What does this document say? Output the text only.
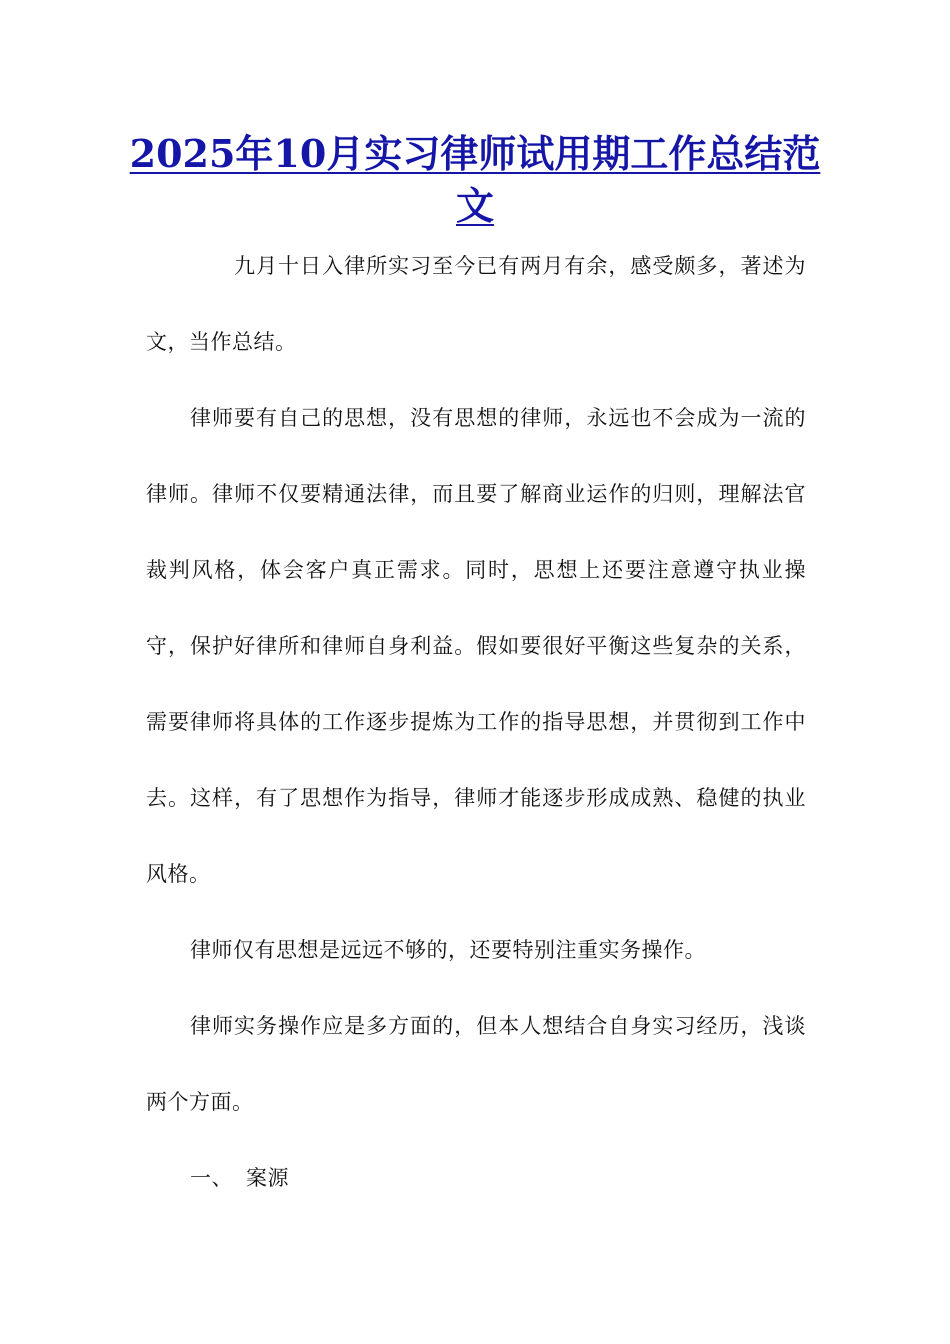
2025年10月实习律师试用期工作总结范文

九月十日入律所实习至今已有两月有余，感受颇多，著述为文，当作总结。

律师要有自己的思想，没有思想的律师，永远也不会成为一流的律师。律师不仅要精通法律，而且要了解商业运作的归则，理解法官裁判风格，体会客户真正需求。同时，思想上还要注意遵守执业操守，保护好律所和律师自身利益。假如要很好平衡这些复杂的关系，需要律师将具体的工作逐步提炼为工作的指导思想，并贯彻到工作中去。这样，有了思想作为指导，律师才能逐步形成成熟、稳健的执业风格。

律师仅有思想是远远不够的，还要特别注重实务操作。

律师实务操作应是多方面的，但本人想结合自身实习经历，浅谈两个方面。

一、 案源
